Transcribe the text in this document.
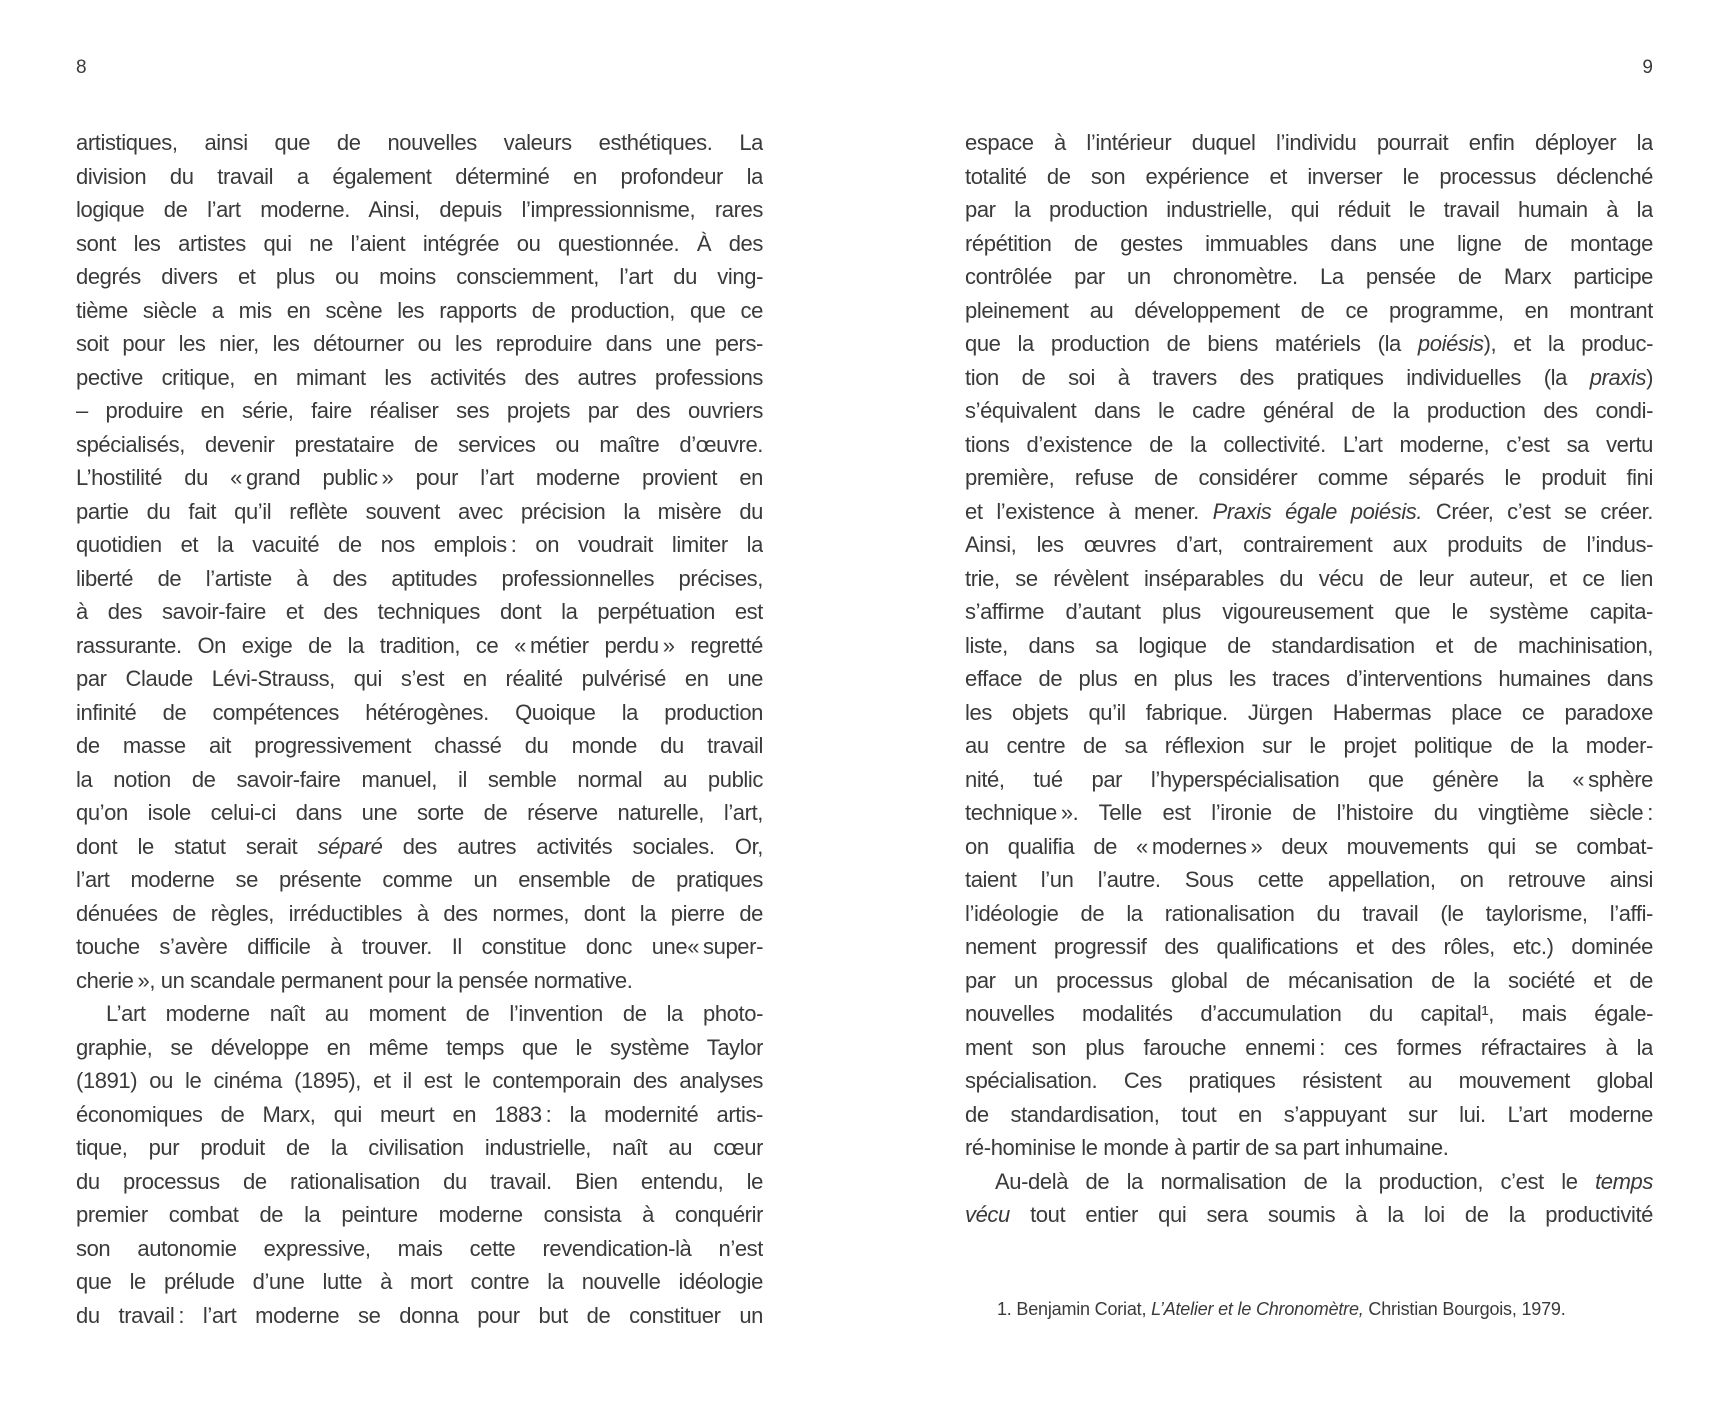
8	9
artistiques, ainsi que de nouvelles valeurs esthétiques. La
division du travail a également déterminé en profondeur la
logique de l’art moderne. Ainsi, depuis l’impressionnisme, rares
sont les artistes qui ne l’aient intégrée ou questionnée. À des
degrés divers et plus ou moins consciemment, l’art du ving-
tième siècle a mis en scène les rapports de production, que ce
soit pour les nier, les détourner ou les reproduire dans une pers-
pective critique, en mimant les activités des autres professions
– produire en série, faire réaliser ses projets par des ouvriers
spécialisés, devenir prestataire de services ou maître d’œuvre.
L’hostilité du « grand public » pour l’art moderne provient en
partie du fait qu’il reflète souvent avec précision la misère du
quotidien et la vacuité de nos emplois : on voudrait limiter la
liberté de l’artiste à des aptitudes professionnelles précises,
à des savoir-faire et des techniques dont la perpétuation est
rassurante. On exige de la tradition, ce « métier perdu » regretté
par Claude Lévi-Strauss, qui s’est en réalité pulvérisé en une
infinité de compétences hétérogènes. Quoique la production
de masse ait progressivement chassé du monde du travail
la notion de savoir-faire manuel, il semble normal au public
qu’on isole celui-ci dans une sorte de réserve naturelle, l’art,
dont le statut serait séparé des autres activités sociales. Or,
l’art moderne se présente comme un ensemble de pratiques
dénuées de règles, irréductibles à des normes, dont la pierre de
touche s’avère difficile à trouver. Il constitue donc une« super-
cherie », un scandale permanent pour la pensée normative.
L’art moderne naît au moment de l’invention de la photo-
graphie, se développe en même temps que le système Taylor
(1891) ou le cinéma (1895), et il est le contemporain des analyses
économiques de Marx, qui meurt en 1883 : la modernité artis-
tique, pur produit de la civilisation industrielle, naît au cœur
du processus de rationalisation du travail. Bien entendu, le
premier combat de la peinture moderne consista à conquérir
son autonomie expressive, mais cette revendication-là n’est
que le prélude d’une lutte à mort contre la nouvelle idéologie
du travail : l’art moderne se donna pour but de constituer un
espace à l’intérieur duquel l’individu pourrait enfin déployer la
totalité de son expérience et inverser le processus déclenché
par la production industrielle, qui réduit le travail humain à la
répétition de gestes immuables dans une ligne de montage
contrôlée par un chronomètre. La pensée de Marx participe
pleinement au développement de ce programme, en montrant
que la production de biens matériels (la poiésis), et la produc-
tion de soi à travers des pratiques individuelles (la praxis)
s’équivalent dans le cadre général de la production des condi-
tions d’existence de la collectivité. L’art moderne, c’est sa vertu
première, refuse de considérer comme séparés le produit fini
et l’existence à mener. Praxis égale poiésis. Créer, c’est se créer.
Ainsi, les œuvres d’art, contrairement aux produits de l’indus-
trie, se révèlent inséparables du vécu de leur auteur, et ce lien
s’affirme d’autant plus vigoureusement que le système capita-
liste, dans sa logique de standardisation et de machinisation,
efface de plus en plus les traces d’interventions humaines dans
les objets qu’il fabrique. Jürgen Habermas place ce paradoxe
au centre de sa réflexion sur le projet politique de la moder-
nité, tué par l’hyperspécialisation que génère la « sphère
technique ». Telle est l’ironie de l’histoire du vingtième siècle :
on qualifia de « modernes » deux mouvements qui se combat-
taient l’un l’autre. Sous cette appellation, on retrouve ainsi
l’idéologie de la rationalisation du travail (le taylorisme, l’affi-
nement progressif des qualifications et des rôles, etc.) dominée
par un processus global de mécanisation de la société et de
nouvelles modalités d’accumulation du capital¹, mais égale-
ment son plus farouche ennemi : ces formes réfractaires à la
spécialisation. Ces pratiques résistent au mouvement global
de standardisation, tout en s’appuyant sur lui. L’art moderne
ré-hominise le monde à partir de sa part inhumaine.
Au-delà de la normalisation de la production, c’est le temps
vécu tout entier qui sera soumis à la loi de la productivité
1. Benjamin Coriat, L’Atelier et le Chronomètre, Christian Bourgois, 1979.
